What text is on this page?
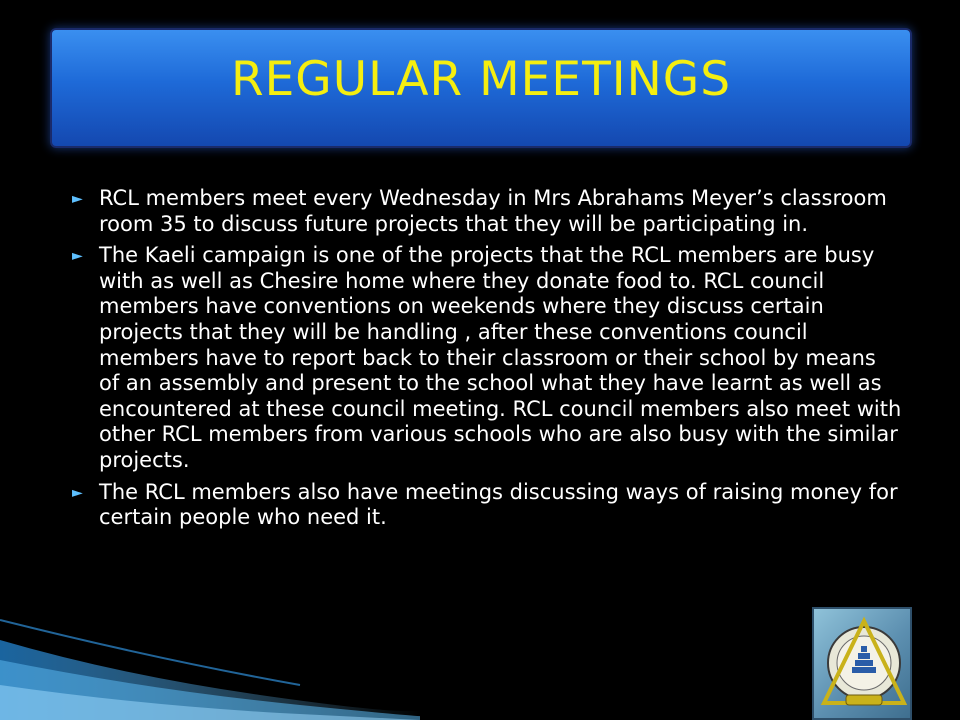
REGULAR MEETINGS
► RCL members meet every Wednesday in Mrs Abrahams Meyer’s classroom room 35 to discuss future projects that they will be participating in.
► The Kaeli campaign is one of the projects that the RCL members are busy with as well as Chesire home where they donate food to. RCL council members have conventions on weekends where they discuss certain projects that they will be handling , after these conventions council members have to report back to their classroom or their school by means of an assembly and present to the school what they have learnt as well as encountered at these council meeting. RCL council members also meet with other RCL members from various schools who are also busy with the similar projects.
► The RCL members also have meetings discussing ways of raising money for certain people who need it.
